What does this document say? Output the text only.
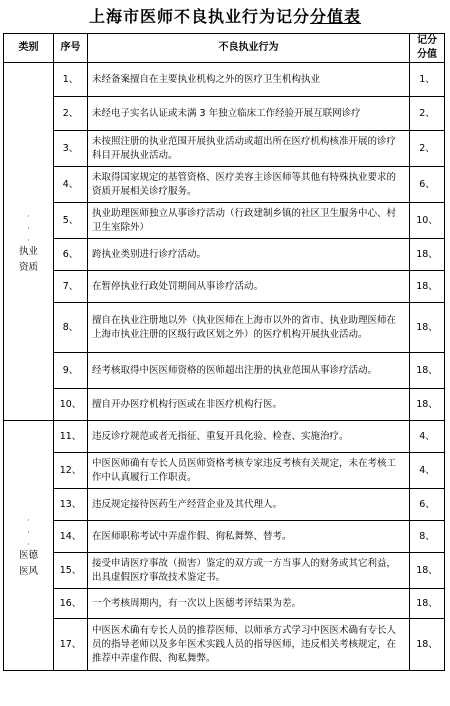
上海市医师不良执业行为记分分值表
类别	序号	不良执业行为	记分
分值

,
,
,
执业
资质	1、	未经备案擅自在主要执业机构之外的医疗卫生机构执业	1、
	2、	未经电子实名认证或未满 3 年独立临床工作经验开展互联网诊疗	2、
	3、	未按照注册的执业范围开展执业活动或超出所在医疗机构核准开展的诊疗科目开展执业活动。	2、
	4、	未取得国家规定的基管资格、医疗美容主诊医师等其他有特殊执业要求的资质开展相关诊疗服务。	6、
	5、	执业助理医师独立从事诊疗活动（行政建制乡镇的社区卫生服务中心、村卫生室除外）	10、
	6、	跨执业类别进行诊疗活动。	18、
	7、	在暂停执业行政处罚期间从事诊疗活动。	18、
	8、	擅自在执业注册地以外（执业医师在上海市以外的省市、执业助理医师在上海市执业注册的区级行政区划之外）的医疗机构开展执业活动。	18、
	9、	经考核取得中医医师资格的医师超出注册的执业范围从事诊疗活动。	18、
	10、	擅自开办医疗机构行医或在非医疗机构行医。	18、

,
,
,
医德
医风	11、	违反诊疗规范或者无指征、重复开具化验、检查、实施治疗。	4、
	12、	中医医师确有专长人员医师资格考核专家违反考核有关规定，未在考核工作中认真履行工作职责。	4、
	13、	违反规定接待医药生产经营企业及其代理人。	6、
	14、	在医师职称考试中弄虚作假、徇私舞弊、替考。	8、
	15、	接受申请医疗事故（损害）鉴定的双方或一方当事人的财务或其它利益，出具虚假医疗事故技术鉴定书。	18、
	16、	一个考核周期内，有一次以上医德考评结果为差。	18、
	17、	中医医术确有专长人员的推荐医师、以师承方式学习中医医术确有专长人员的指导老师以及多年医术实践人员的指导医师，违反相关考核规定，在推荐中弄虚作假、徇私舞弊。	18、
